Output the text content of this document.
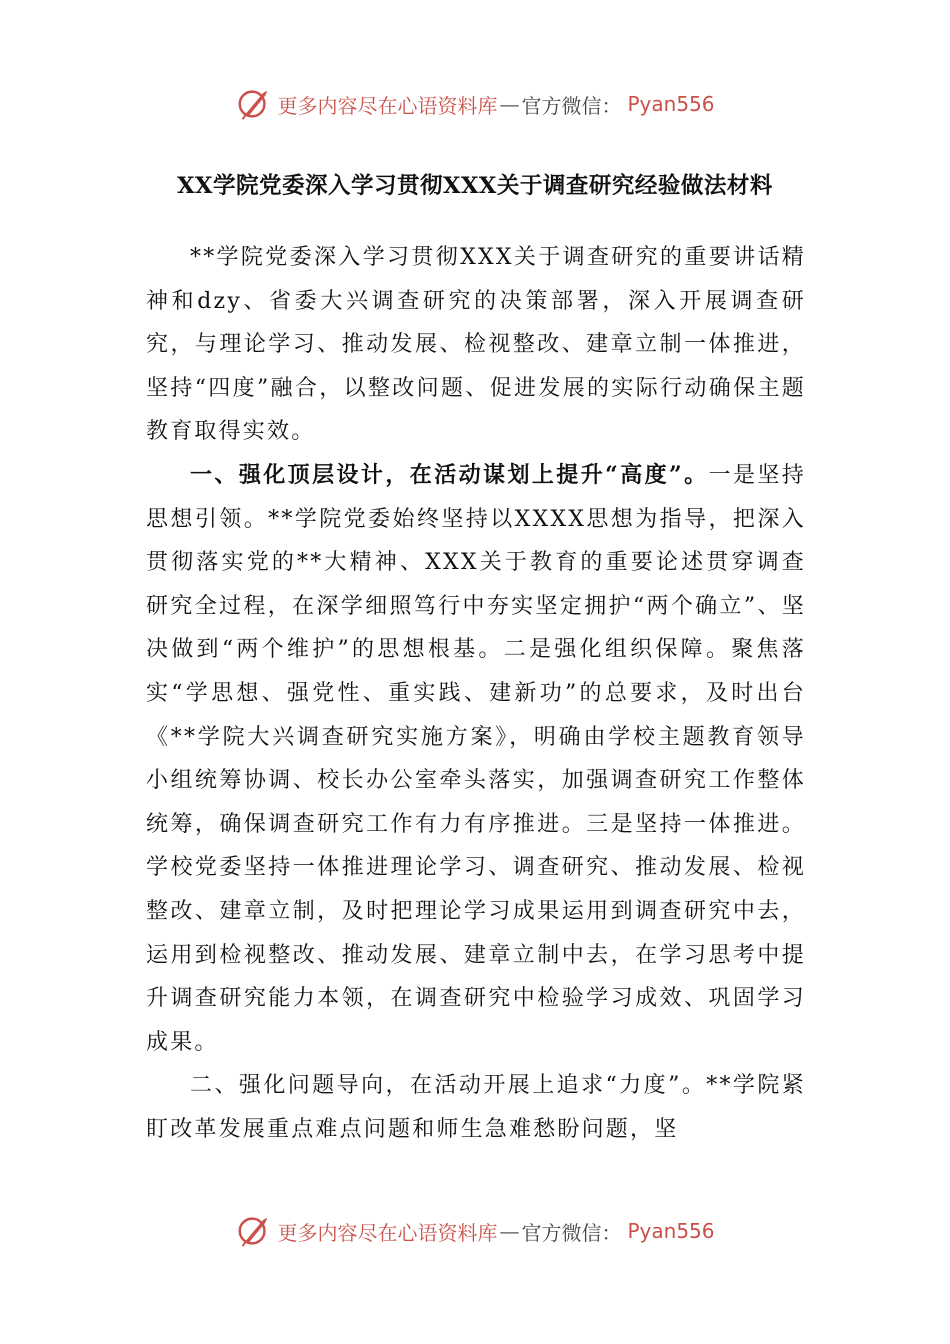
更多内容尽在心语资料库 — 官方微信： Pyan556
XX学院党委深入学习贯彻XXX关于调查研究经验做法材料

**学院党委深入学习贯彻XXX关于调查研究的重要讲话精神和dzy、省委大兴调查研究的决策部署，深入开展调查研究，与理论学习、推动发展、检视整改、建章立制一体推进，坚持“四度”融合，以整改问题、促进发展的实际行动确保主题教育取得实效。

一、强化顶层设计，在活动谋划上提升“高度”。一是坚持思想引领。**学院党委始终坚持以XXXX思想为指导，把深入贯彻落实党的**大精神、XXX关于教育的重要论述贯穿调查研究全过程，在深学细照笃行中夯实坚定拥护“两个确立”、坚决做到“两个维护”的思想根基。二是强化组织保障。聚焦落实“学思想、强党性、重实践、建新功”的总要求，及时出台《**学院大兴调查研究实施方案》，明确由学校主题教育领导小组统筹协调、校长办公室牵头落实，加强调查研究工作整体统筹，确保调查研究工作有力有序推进。三是坚持一体推进。学校党委坚持一体推进理论学习、调查研究、推动发展、检视整改、建章立制，及时把理论学习成果运用到调查研究中去，运用到检视整改、推动发展、建章立制中去，在学习思考中提升调查研究能力本领，在调查研究中检验学习成效、巩固学习成果。

二、强化问题导向，在活动开展上追求“力度”。**学院紧盯改革发展重点难点问题和师生急难愁盼问题，坚

更多内容尽在心语资料库 — 官方微信： Pyan556
